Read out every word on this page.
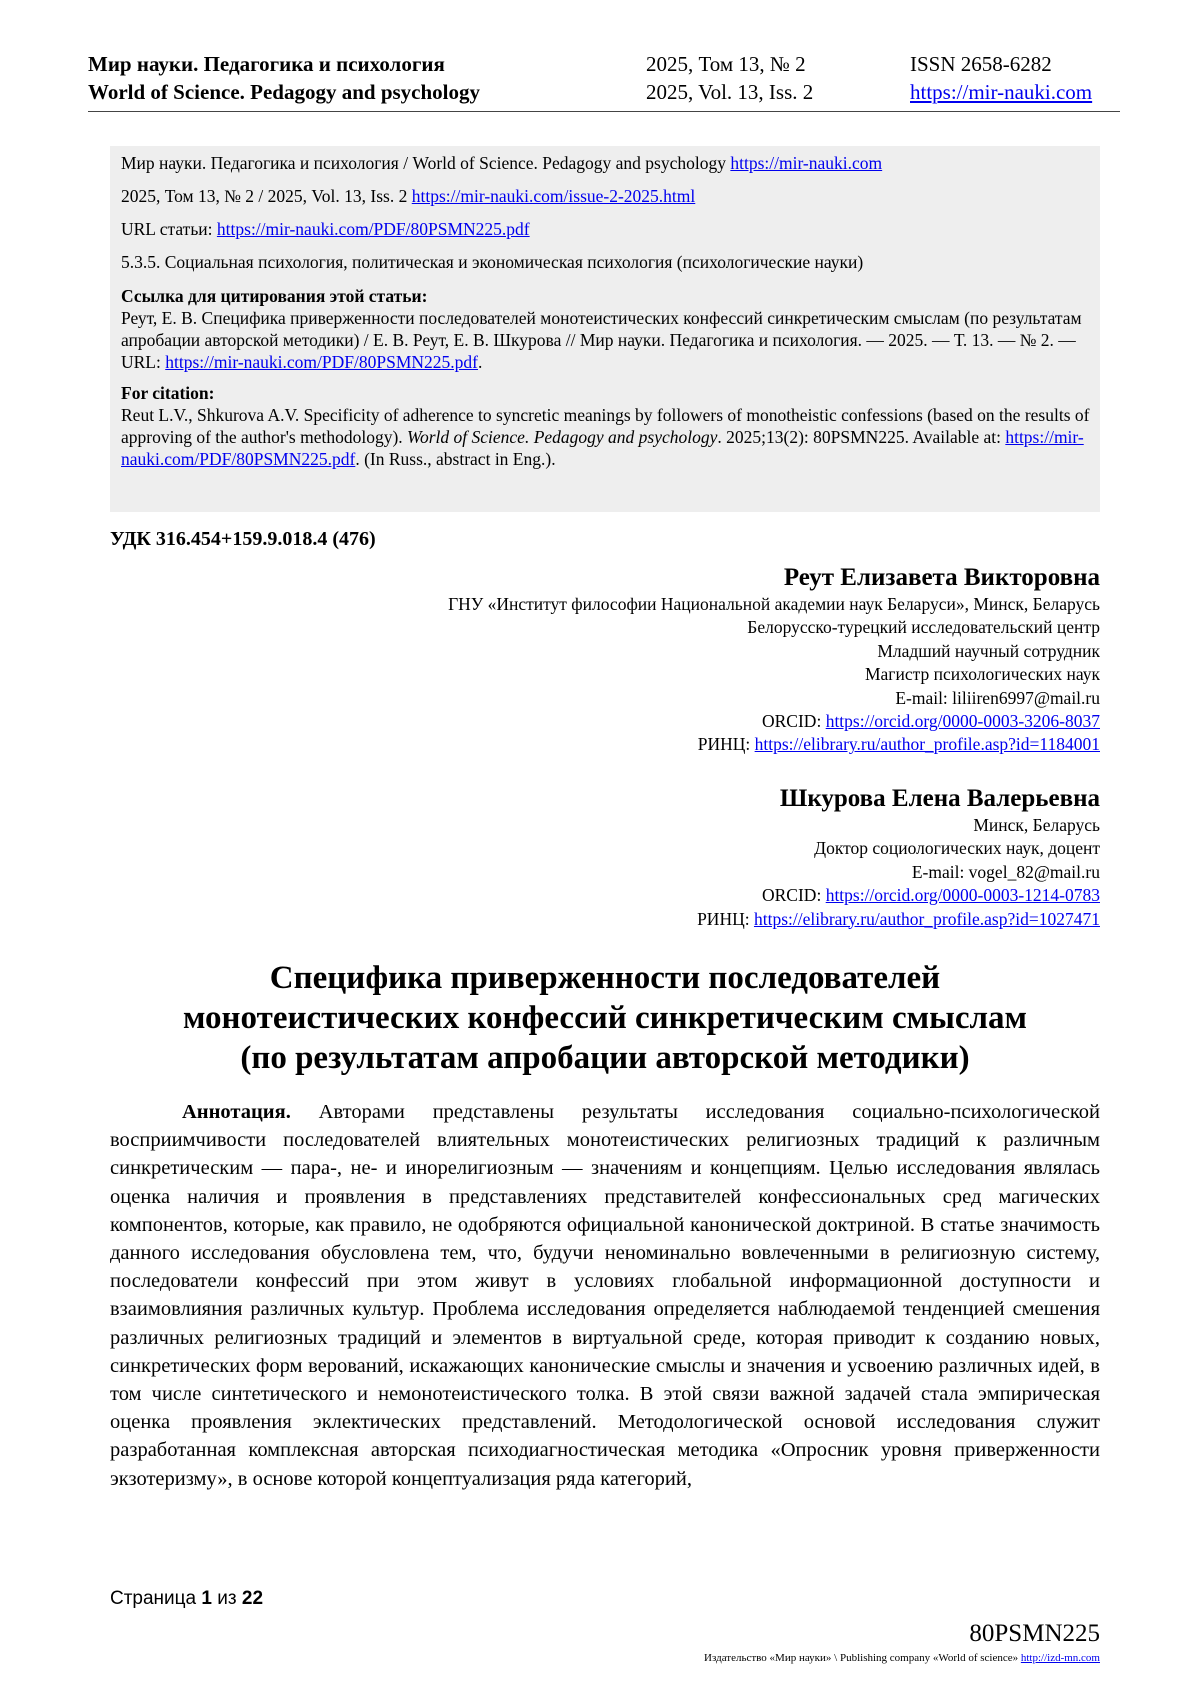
Мир науки. Педагогика и психология	2025, Том 13, № 2	ISSN 2658-6282
World of Science. Pedagogy and psychology	2025, Vol. 13, Iss. 2	https://mir-nauki.com
Мир науки. Педагогика и психология / World of Science. Pedagogy and psychology https://mir-nauki.com
2025, Том 13, № 2 / 2025, Vol. 13, Iss. 2 https://mir-nauki.com/issue-2-2025.html
URL статьи: https://mir-nauki.com/PDF/80PSMN225.pdf
5.3.5. Социальная психология, политическая и экономическая психология (психологические науки)
Ссылка для цитирования этой статьи:
Реут, Е. В. Специфика приверженности последователей монотеистических конфессий синкретическим смыслам (по результатам апробации авторской методики) / Е. В. Реут, Е. В. Шкурова // Мир науки. Педагогика и психология. — 2025. — Т. 13. — № 2. — URL: https://mir-nauki.com/PDF/80PSMN225.pdf.
For citation:
Reut L.V., Shkurova A.V. Specificity of adherence to syncretic meanings by followers of monotheistic confessions (based on the results of approving of the author's methodology). World of Science. Pedagogy and psychology. 2025;13(2): 80PSMN225. Available at: https://mir-nauki.com/PDF/80PSMN225.pdf. (In Russ., abstract in Eng.).
УДК 316.454+159.9.018.4 (476)
Реут Елизавета Викторовна
ГНУ «Институт философии Национальной академии наук Беларуси», Минск, Беларусь
Белорусско-турецкий исследовательский центр
Младший научный сотрудник
Магистр психологических наук
E-mail: liliiren6997@mail.ru
ORCID: https://orcid.org/0000-0003-3206-8037
РИНЦ: https://elibrary.ru/author_profile.asp?id=1184001
Шкурова Елена Валерьевна
Минск, Беларусь
Доктор социологических наук, доцент
E-mail: vogel_82@mail.ru
ORCID: https://orcid.org/0000-0003-1214-0783
РИНЦ: https://elibrary.ru/author_profile.asp?id=1027471
Специфика приверженности последователей
монотеистических конфессий синкретическим смыслам
(по результатам апробации авторской методики)
Аннотация. Авторами представлены результаты исследования социально-психологической восприимчивости последователей влиятельных монотеистических религиозных традиций к различным синкретическим — пара-, не- и инорелигиозным — значениям и концепциям. Целью исследования являлась оценка наличия и проявления в представлениях представителей конфессиональных сред магических компонентов, которые, как правило, не одобряются официальной канонической доктриной. В статье значимость данного исследования обусловлена тем, что, будучи неноминально вовлеченными в религиозную систему, последователи конфессий при этом живут в условиях глобальной информационной доступности и взаимовлияния различных культур. Проблема исследования определяется наблюдаемой тенденцией смешения различных религиозных традиций и элементов в виртуальной среде, которая приводит к созданию новых, синкретических форм верований, искажающих канонические смыслы и значения и усвоению различных идей, в том числе синтетического и немонотеистического толка. В этой связи важной задачей стала эмпирическая оценка проявления эклектических представлений. Методологической основой исследования служит разработанная комплексная авторская психодиагностическая методика «Опросник уровня приверженности экзотеризму», в основе которой концептуализация ряда категорий,
Страница 1 из 22
80PSMN225
Издательство «Мир науки» \ Publishing company «World of science» http://izd-mn.com
